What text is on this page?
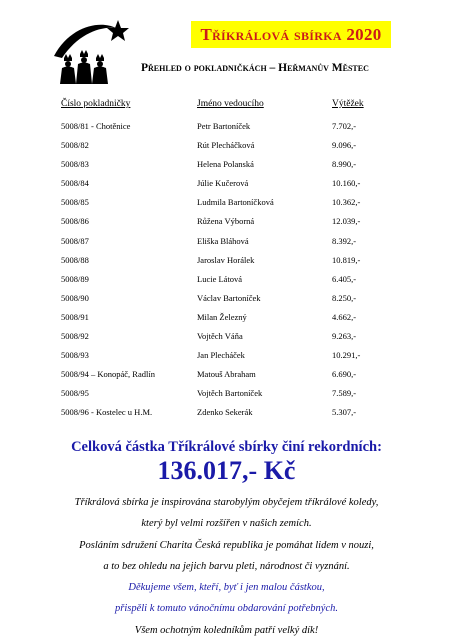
Tříkrálová sbírka 2020
Přehled o pokladničkách – Heřmanův Městec
Číslo pokladničky	Jméno vedoucího	Výtěžek
5008/81 - Chotěnice	Petr Bartoníček	7.702,-
5008/82	Rút Plecháčková	9.096,-
5008/83	Helena Polanská	8.990,-
5008/84	Júlie Kučerová	10.160,-
5008/85	Ludmila Bartoníčková	10.362,-
5008/86	Růžena Výborná	12.039,-
5008/87	Eliška Bláhová	8.392,-
5008/88	Jaroslav Horálek	10.819,-
5008/89	Lucie Látová	6.405,-
5008/90	Václav Bartoníček	8.250,-
5008/91	Milan Železný	4.662,-
5008/92	Vojtěch Váňa	9.263,-
5008/93	Jan Plecháček	10.291,-
5008/94 – Konopáč, Radlín	Matouš Abraham	6.690,-
5008/95	Vojtěch Bartoníček	7.589,-
5008/96 - Kostelec u H.M.	Zdenko Sekerák	5.307,-
Celková částka Tříkrálové sbírky činí rekordních:
136.017,- Kč
Tříkrálová sbírka je inspirována starobylým obyčejem tříkrálové koledy,
který byl velmi rozšířen v našich zemích.
Posláním sdružení Charita Česká republika je pomáhat lidem v nouzi,
a to bez ohledu na jejich barvu pleti, národnost či vyznání.
Děkujeme všem, kteří, byť i jen malou částkou,
přispěli k tomuto vánočnímu obdarování potřebných.
Všem ochotným koledníkům patří velký dík!
